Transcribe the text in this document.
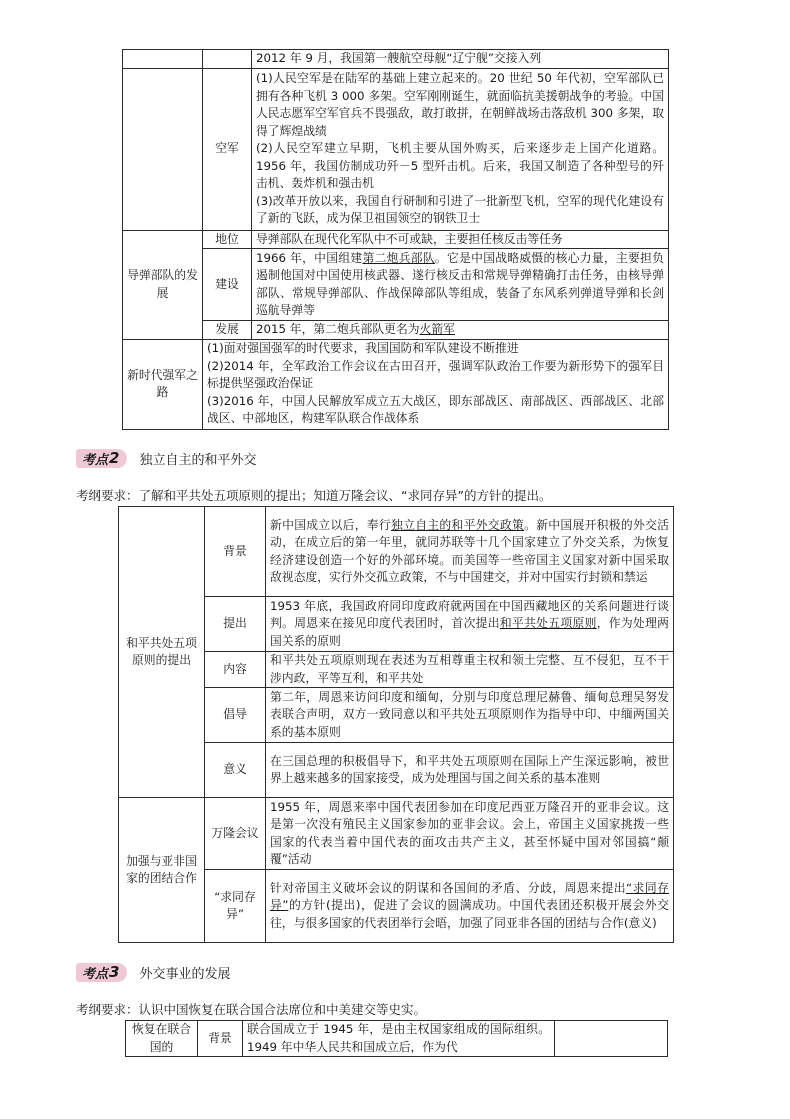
		2012 年 9 月，我国第一艘航空母舰“辽宁舰”交接入列
	空军	(1)人民空军是在陆军的基础上建立起来的。20 世纪 50 年代初，空军部队已拥有各种飞机 3 000 多架。空军刚刚诞生，就面临抗美援朝战争的考验。中国人民志愿军空军官兵不畏强敌，敢打敢拼，在朝鲜战场击落敌机 300 多架，取得了辉煌战绩
(2)人民空军建立早期，飞机主要从国外购买，后来逐步走上国产化道路。1956 年，我国仿制成功歼－5 型歼击机。后来，我国又制造了各种型号的歼击机、轰炸机和强击机
(3)改革开放以来，我国自行研制和引进了一批新型飞机，空军的现代化建设有了新的飞跃，成为保卫祖国领空的钢铁卫士

导弹部队的发展	地位	导弹部队在现代化军队中不可或缺，主要担任核反击等任务
	建设	1966 年，中国组建第二炮兵部队。它是中国战略威慑的核心力量，主要担负遏制他国对中国使用核武器、遂行核反击和常规导弹精确打击任务，由核导弹部队、常规导弹部队、作战保障部队等组成，装备了东风系列弹道导弹和长剑巡航导弹等
	发展	2015 年，第二炮兵部队更名为火箭军
新时代强军之路	(1)面对强国强军的时代要求，我国国防和军队建设不断推进
(2)2014 年，全军政治工作会议在古田召开，强调军队政治工作要为新形势下的强军目标提供坚强政治保证
(3)2016 年，中国人民解放军成立五大战区，即东部战区、南部战区、西部战区、北部战区、中部地区，构建军队联合作战体系	
考点 2 独立自主的和平外交
考纲要求：了解和平共处五项原则的提出；知道万隆会议、“求同存异”的方针的提出。
和平共处五项原则的提出	背景	新中国成立以后，奉行独立自主的和平外交政策。新中国展开积极的外交活动，在成立后的第一年里，就同苏联等十几个国家建立了外交关系，为恢复经济建设创造一个好的外部环境。而美国等一些帝国主义国家对新中国采取敌视态度，实行外交孤立政策，不与中国建交，并对中国实行封锁和禁运
	提出	1953 年底，我国政府同印度政府就两国在中国西藏地区的关系问题进行谈判。周恩来在接见印度代表团时，首次提出和平共处五项原则，作为处理两国关系的原则
	内容	和平共处五项原则现在表述为互相尊重主权和领土完整、互不侵犯，互不干涉内政，平等互利，和平共处
	倡导	第二年，周恩来访问印度和缅甸，分别与印度总理尼赫鲁、缅甸总理吴努发表联合声明，双方一致同意以和平共处五项原则作为指导中印、中缅两国关系的基本原则
	意义	在三国总理的积极倡导下，和平共处五项原则在国际上产生深远影响，被世界上越来越多的国家接受，成为处理国与国之间关系的基本准则
加强与亚非国家的团结合作	万隆会议	1955 年，周恩来率中国代表团参加在印度尼西亚万隆召开的亚非会议。这是第一次没有殖民主义国家参加的亚非会议。会上，帝国主义国家挑拨一些国家的代表当着中国代表的面攻击共产主义，甚至怀疑中国对邻国搞“颠覆”活动
	“求同存异”	针对帝国主义破坏会议的阴谋和各国间的矛盾、分歧，周恩来提出“求同存异”的方针(提出)，促进了会议的圆满成功。中国代表团还积极开展会外交往，与很多国家的代表团举行会晤，加强了同亚非各国的团结与合作(意义)
考点 3 外交事业的发展
考纲要求：认识中国恢复在联合国合法席位和中美建交等史实。
恢复在联合国的	背景	联合国成立于 1945 年，是由主权国家组成的国际组织。1949 年中华人民共和国成立后，作为代	
